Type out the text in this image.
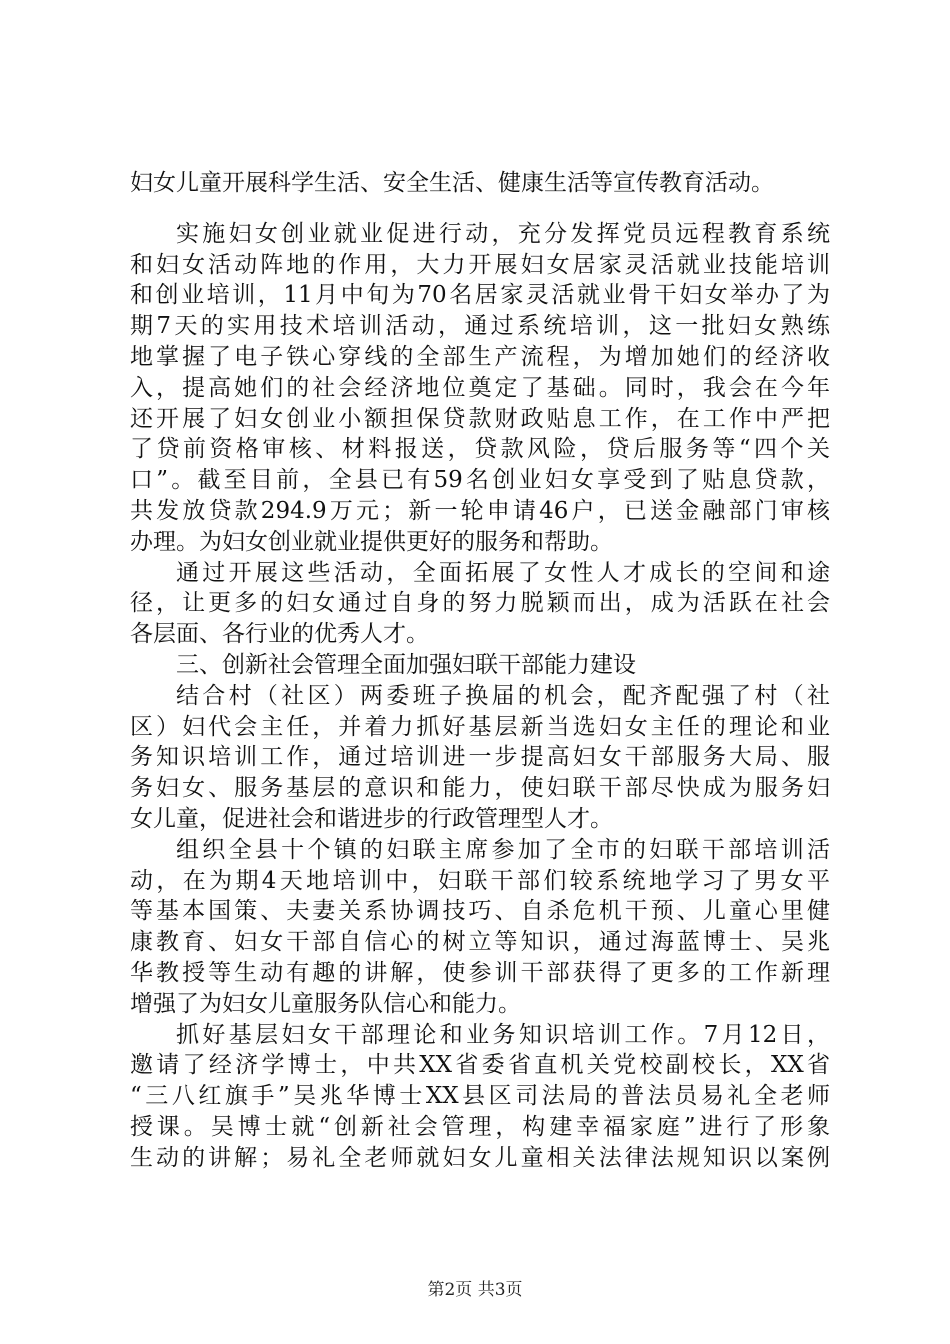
妇女儿童开展科学生活、安全生活、健康生活等宣传教育活动。
实施妇女创业就业促进行动，充分发挥党员远程教育系统
和妇女活动阵地的作用，大力开展妇女居家灵活就业技能培训
和创业培训，11月中旬为70名居家灵活就业骨干妇女举办了为
期7天的实用技术培训活动，通过系统培训，这一批妇女熟练
地掌握了电子铁心穿线的全部生产流程，为增加她们的经济收
入，提高她们的社会经济地位奠定了基础。同时，我会在今年
还开展了妇女创业小额担保贷款财政贴息工作，在工作中严把
了贷前资格审核、材料报送，贷款风险，贷后服务等“四个关
口”。截至目前，全县已有59名创业妇女享受到了贴息贷款，
共发放贷款294.9万元；新一轮申请46户，已送金融部门审核
办理。为妇女创业就业提供更好的服务和帮助。
通过开展这些活动，全面拓展了女性人才成长的空间和途
径，让更多的妇女通过自身的努力脱颖而出，成为活跃在社会
各层面、各行业的优秀人才。
三、创新社会管理全面加强妇联干部能力建设
结合村（社区）两委班子换届的机会，配齐配强了村（社
区）妇代会主任，并着力抓好基层新当选妇女主任的理论和业
务知识培训工作，通过培训进一步提高妇女干部服务大局、服
务妇女、服务基层的意识和能力，使妇联干部尽快成为服务妇
女儿童，促进社会和谐进步的行政管理型人才。
组织全县十个镇的妇联主席参加了全市的妇联干部培训活
动，在为期4天地培训中，妇联干部们较系统地学习了男女平
等基本国策、夫妻关系协调技巧、自杀危机干预、儿童心里健
康教育、妇女干部自信心的树立等知识，通过海蓝博士、吴兆
华教授等生动有趣的讲解，使参训干部获得了更多的工作新理
增强了为妇女儿童服务队信心和能力。
抓好基层妇女干部理论和业务知识培训工作。7月12日，
邀请了经济学博士，中共XX省委省直机关党校副校长，XX省
“三八红旗手”吴兆华博士XX县区司法局的普法员易礼全老师
授课。吴博士就“创新社会管理，构建幸福家庭”进行了形象
生动的讲解；易礼全老师就妇女儿童相关法律法规知识以案例
第2页 共3页
